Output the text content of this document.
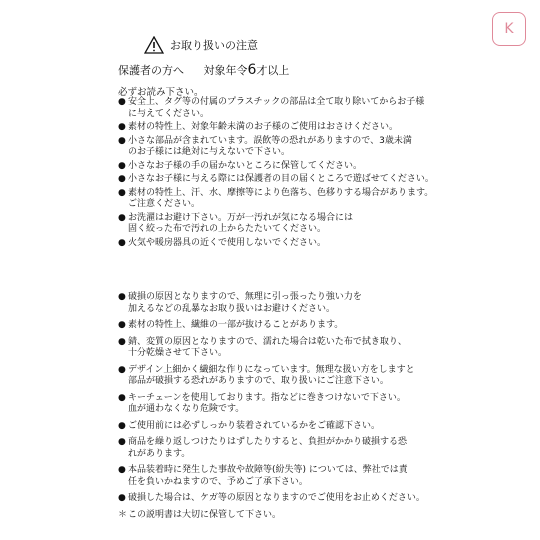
お取り扱いの注意
保護者の方へ 対象年令6才以上
必ずお読み下さい。
● 安全上、タグ等の付属のプラスチックの部品は全て取り除いてからお子様
に与えてください。
● 素材の特性上、対象年齢未満のお子様のご使用はおさけください。
● 小さな部品が含まれています。誤飲等の恐れがありますので、3歳未満
のお子様には絶対に与えないで下さい。
● 小さなお子様の手の届かないところに保管してください。
● 小さなお子様に与える際には保護者の目の届くところで遊ばせてください。
● 素材の特性上、汗、水、摩擦等により色落ち、色移りする場合があります。
ご注意ください。
● お洗濯はお避け下さい。万が一汚れが気になる場合には
固く絞った布で汚れの上からたたいてください。
● 火気や暖房器具の近くで使用しないでください。
● 破損の原因となりますので、無理に引っ張ったり強い力を
加えるなどの乱暴なお取り扱いはお避けください。
● 素材の特性上、繊維の一部が抜けることがあります。
● 錆、変質の原因となりますので、濡れた場合は乾いた布で拭き取り、
十分乾燥させて下さい。
● デザイン上細かく繊細な作りになっています。無理な扱い方をしますと
部品が破損する恐れがありますので、取り扱いにご注意下さい。
● キーチェーンを使用しております。指などに巻きつけないで下さい。
血が通わなくなり危険です。
● ご使用前には必ずしっかり装着されているかをご確認下さい。
● 商品を繰り返しつけたりはずしたりすると、負担がかかり破損する恐
れがあります。
● 本品装着時に発生した事故や故障等(紛失等) については、弊社では責
任を負いかねますので、予めご了承下さい。
● 破損した場合は、ケガ等の原因となりますのでご使用をお止めください。
＊ この説明書は大切に保管して下さい。
K
